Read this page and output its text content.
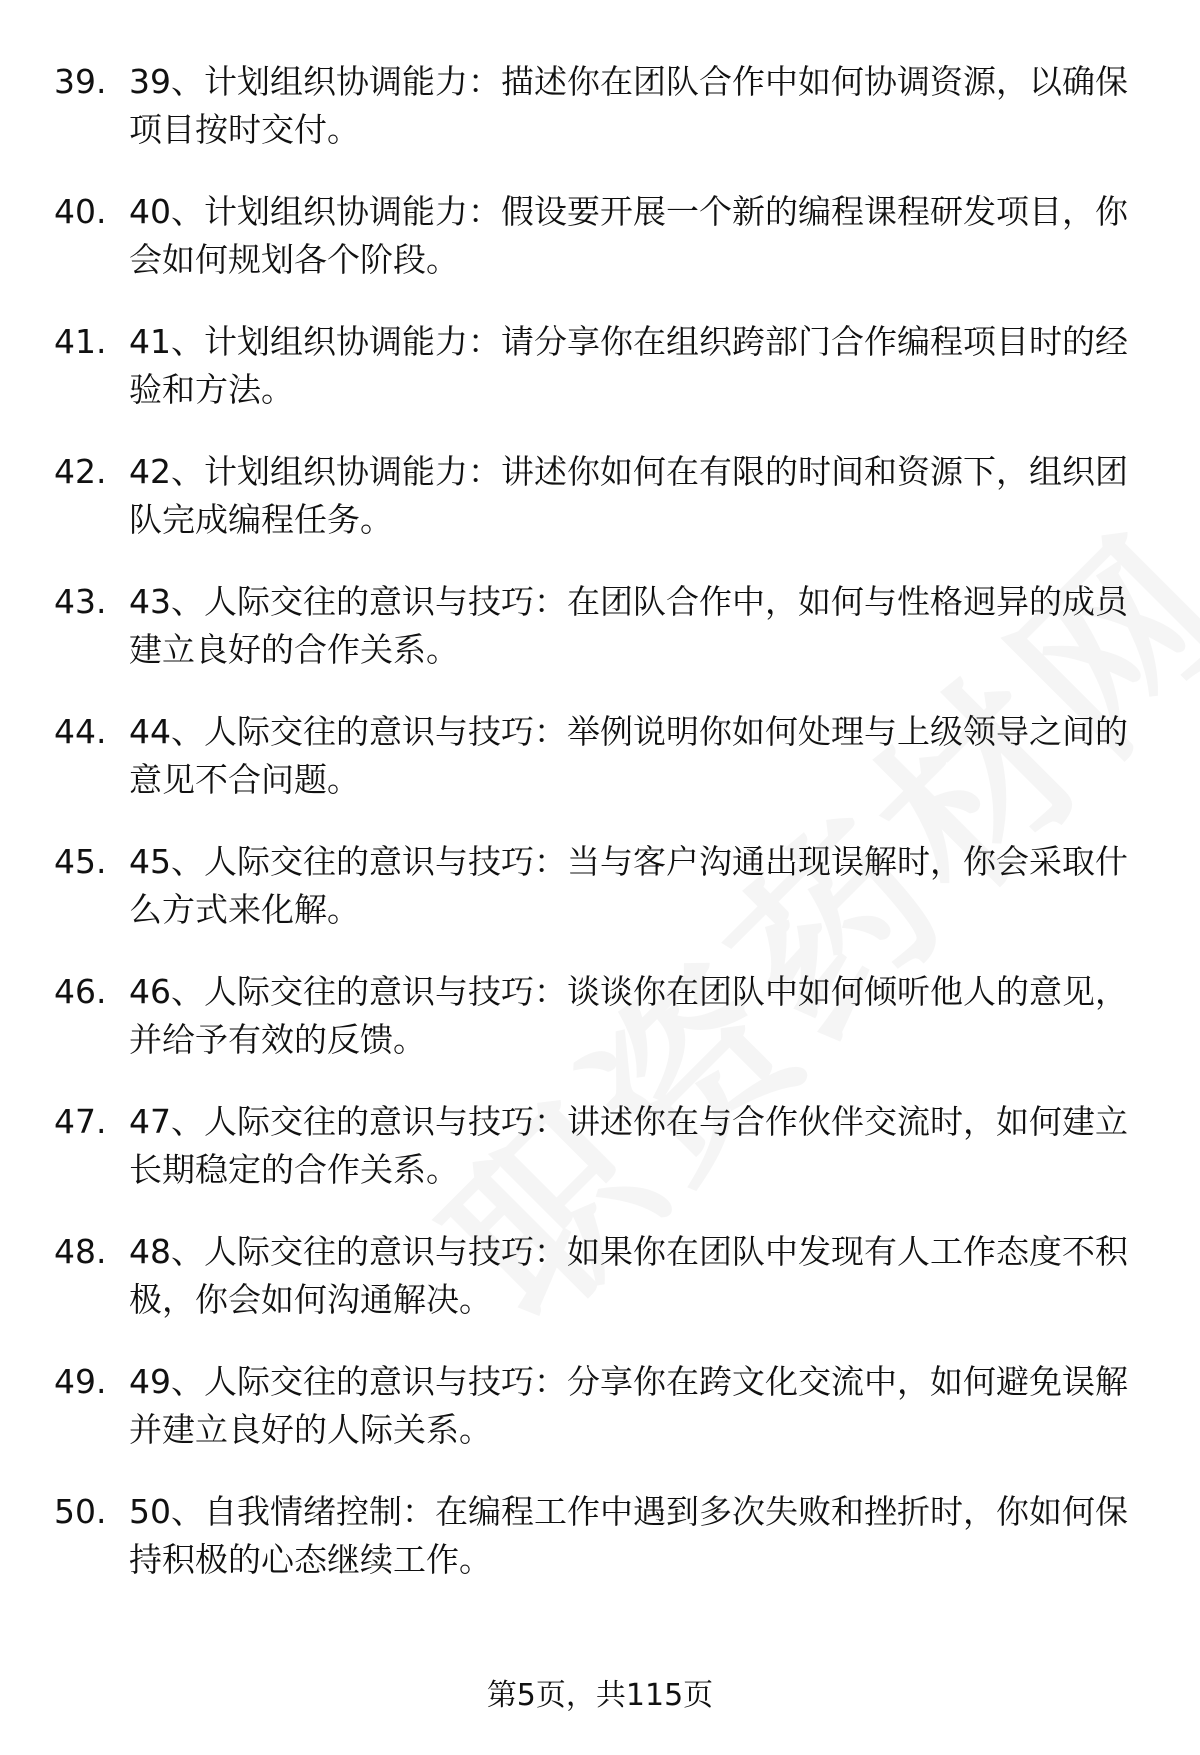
39. 39、计划组织协调能力：描述你在团队合作中如何协调资源，以确保项目按时交付。
40. 40、计划组织协调能力：假设要开展一个新的编程课程研发项目，你会如何规划各个阶段。
41. 41、计划组织协调能力：请分享你在组织跨部门合作编程项目时的经验和方法。
42. 42、计划组织协调能力：讲述你如何在有限的时间和资源下，组织团队完成编程任务。
43. 43、人际交往的意识与技巧：在团队合作中，如何与性格迥异的成员建立良好的合作关系。
44. 44、人际交往的意识与技巧：举例说明你如何处理与上级领导之间的意见不合问题。
45. 45、人际交往的意识与技巧：当与客户沟通出现误解时，你会采取什么方式来化解。
46. 46、人际交往的意识与技巧：谈谈你在团队中如何倾听他人的意见，并给予有效的反馈。
47. 47、人际交往的意识与技巧：讲述你在与合作伙伴交流时，如何建立长期稳定的合作关系。
48. 48、人际交往的意识与技巧：如果你在团队中发现有人工作态度不积极，你会如何沟通解决。
49. 49、人际交往的意识与技巧：分享你在跨文化交流中，如何避免误解并建立良好的人际关系。
50. 50、自我情绪控制：在编程工作中遇到多次失败和挫折时，你如何保持积极的心态继续工作。
第5页，共115页
